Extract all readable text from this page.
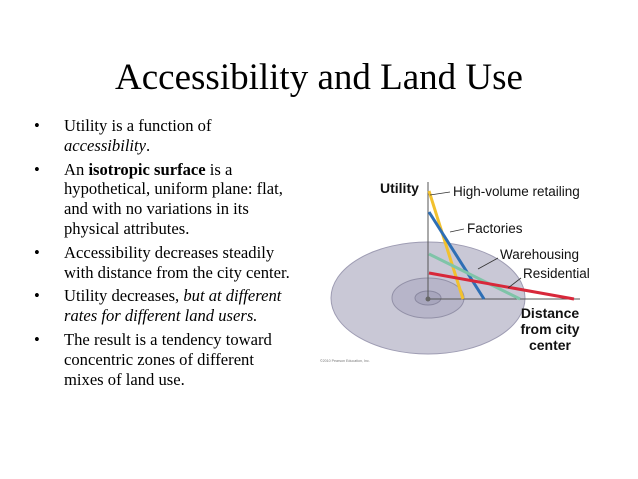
Accessibility and Land Use
• Utility is a function of
accessibility.
• An isotropic surface is a
hypothetical, uniform plane: flat,
and with no variations in its
physical attributes.
• Accessibility decreases steadily
with distance from the city center.
• Utility decreases, but at different
rates for different land users.
• The result is a tendency toward
concentric zones of different
mixes of land use.
Utility	High-volume retailing
Factories
Warehousing
Residential
Distance
from city
center
©2010 Pearson Education, Inc.
